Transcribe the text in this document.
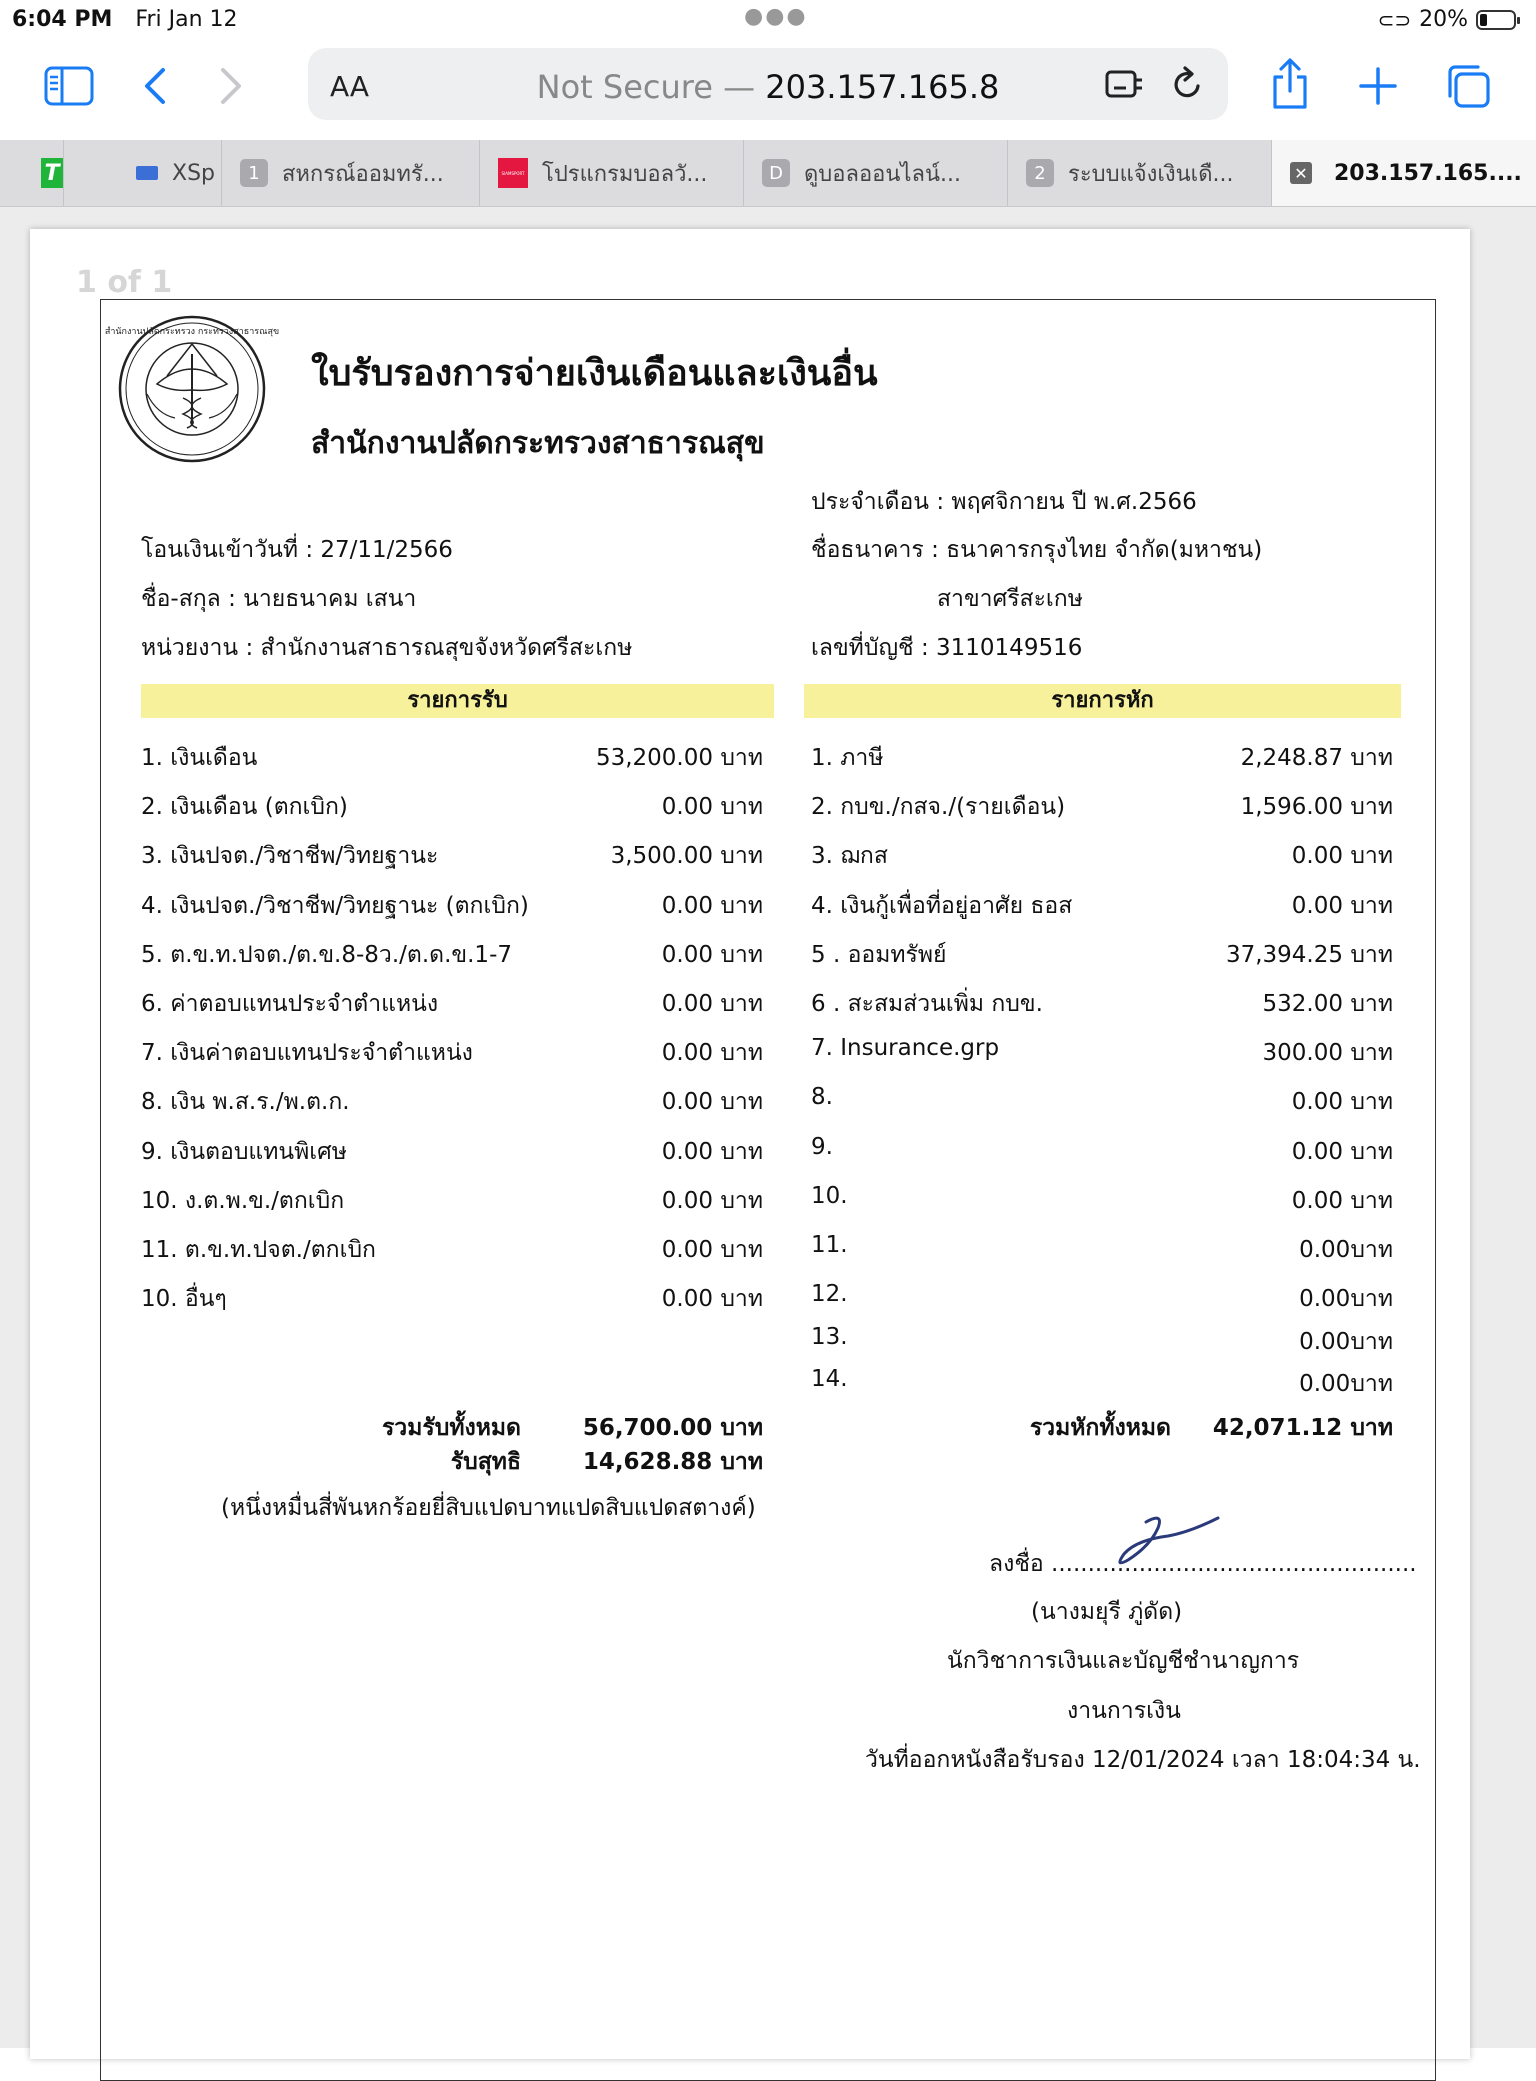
6:04 PM Fri Jan 12	●●●	⊂⊃ 20%
AA	Not Secure — 203.157.165.8
T	XSp	1	สหกรณ์ออมทรั...	SIAMSPORT โปรแกรมบอลวั...	D ดูบอลออนไลน์...	2	ระบบแจ้งเงินเดื...	✕ 203.157.165....
1 of 1
สำนักงานปลัดกระทรวง กระทรวงสาธารณสุข
ใบรับรองการจ่ายเงินเดือนและเงินอื่น
สำนักงานปลัดกระทรวงสาธารณสุข
ประจำเดือน : พฤศจิกายน ปี พ.ศ.2566
โอนเงินเข้าวันที่ : 27/11/2566	ชื่อธนาคาร : ธนาคารกรุงไทย จำกัด(มหาชน)
ชื่อ-สกุล : นายธนาคม เสนา	สาขาศรีสะเกษ
หน่วยงาน : สำนักงานสาธารณสุขจังหวัดศรีสะเกษ	เลขที่บัญชี : 3110149516
รายการรับ	รายการหัก
รวมรับทั้งหมด	56,700.00 บาท
รับสุทธิ	14,628.88 บาท
(หนึ่งหมื่นสี่พันหกร้อยยี่สิบแปดบาทแปดสิบแปดสตางค์)
รวมหักทั้งหมด	42,071.12 บาท
ลงชื่อ ..................................................
(นางมยุรี ภู่ดัด)
นักวิชาการเงินและบัญชีชำนาญการ
งานการเงิน
วันที่ออกหนังสือรับรอง 12/01/2024 เวลา 18:04:34 น.
1. เงินเดือน	53,200.00 บาท
2. เงินเดือน (ตกเบิก)	0.00 บาท
3. เงินปจต./วิชาชีพ/วิทยฐานะ	3,500.00 บาท
4. เงินปจต./วิชาชีพ/วิทยฐานะ (ตกเบิก)	0.00 บาท
5. ต.ข.ท.ปจต./ต.ข.8-8ว./ต.ด.ข.1-7	0.00 บาท
6. ค่าตอบแทนประจำตำแหน่ง	0.00 บาท
7. เงินค่าตอบแทนประจำตำแหน่ง	0.00 บาท
8. เงิน พ.ส.ร./พ.ต.ก.	0.00 บาท
9. เงินตอบแทนพิเศษ	0.00 บาท
10. ง.ต.พ.ข./ตกเบิก	0.00 บาท
11. ต.ข.ท.ปจต./ตกเบิก	0.00 บาท
10. อื่นๆ	0.00 บาท
1. ภาษี	2,248.87 บาท
2. กบข./กสจ./(รายเดือน)	1,596.00 บาท
3. ฌกส	0.00 บาท
4. เงินกู้เพื่อที่อยู่อาศัย ธอส	0.00 บาท
5 . ออมทรัพย์	37,394.25 บาท
6 . สะสมส่วนเพิ่ม กบข.	532.00 บาท
7. Insurance.grp	300.00 บาท
8.	0.00 บาท
9.	0.00 บาท
10.	0.00 บาท
11.	0.00บาท
12.	0.00บาท
13.	0.00บาท
14.	0.00บาท
